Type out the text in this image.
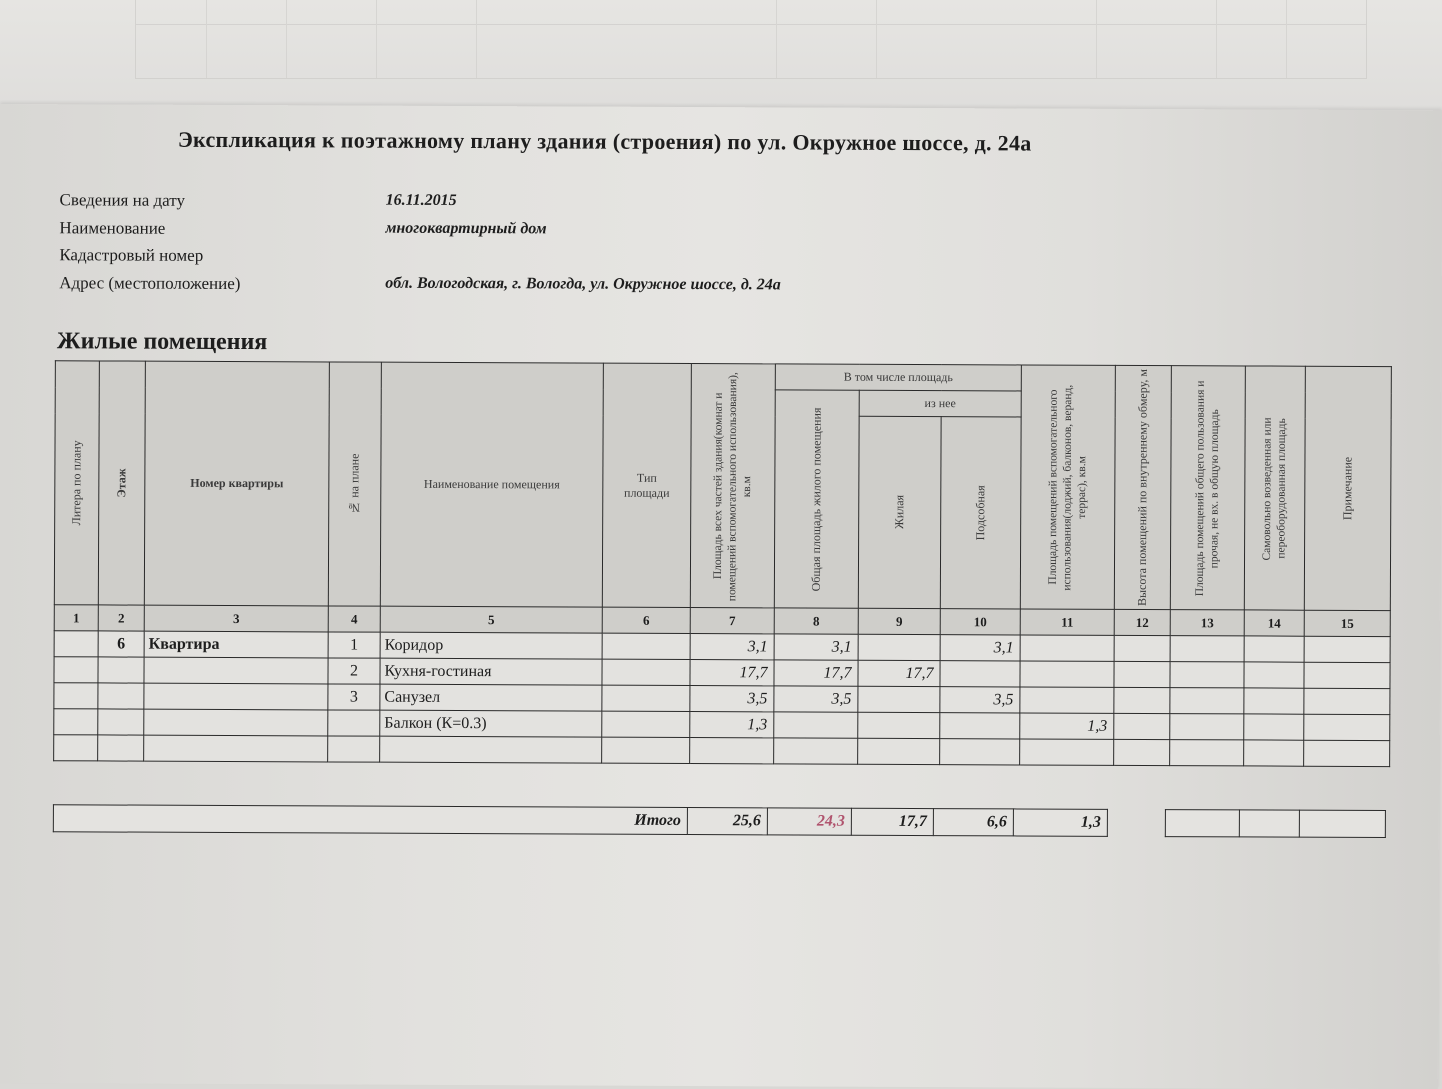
Экспликация к поэтажному плану здания (строения) по ул. Окружное шоссе, д. 24а
Сведения на дату	16.11.2015
Наименование	многоквартирный дом
Кадастровый номер
Адрес (местоположение)	обл. Вологодская, г. Вологда, ул. Окружное шоссе, д. 24а
Жилые помещения
Литера по плану	Этаж	Номер квартиры	№ на плане	Наименование помещения	Тип площади	Площадь всех частей здания(комнат и помещений вспомогательного использования), кв.м	В том числе площадь			Площадь помещений вспомогательного использования(лоджий, балконов, веранд, террас), кв.м	Высота помещений по внутреннему обмеру, м	Площадь помещений общего пользования и прочая, не вх. в общую площадь	Самовольно возведенная или переоборудованная площадь	Примечание

							Общая площадь жилого помещения	из нее						

								Жилая	Подсобная					

1	2	3	4	5	6	7	8	9	10	11	12	13	14	15
	6	Квартира	1	Коридор		3,1	3,1		3,1					
			2	Кухня-гостиная		17,7	17,7	17,7						
			3	Санузел		3,5	3,5		3,5					
				Балкон (К=0.3)		1,3				1,3				

Итого	25,6	24,3	17,7	6,6	1,3
